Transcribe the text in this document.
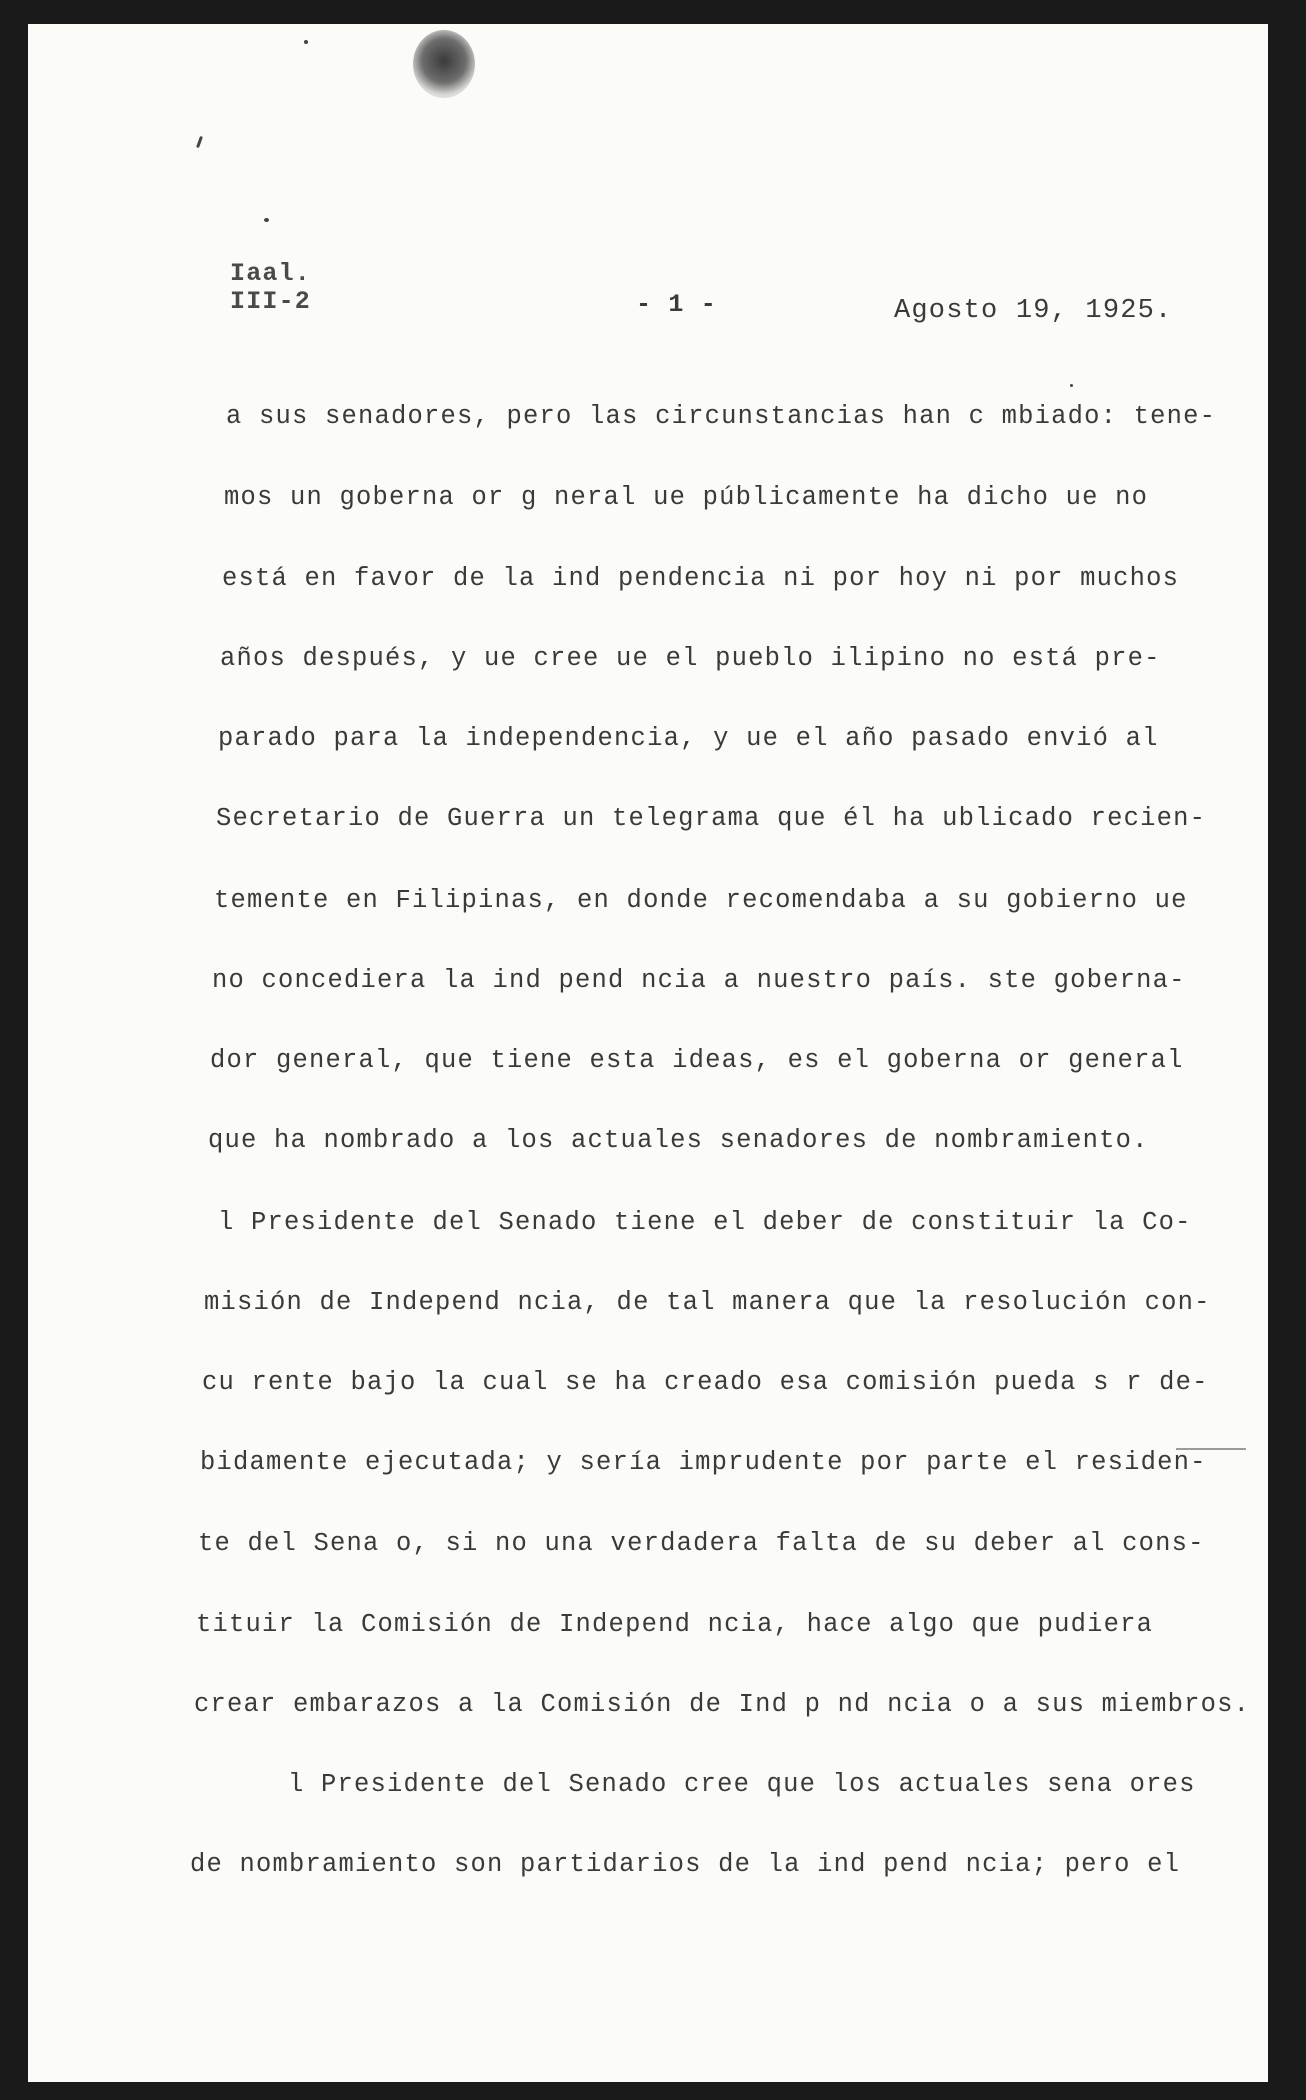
Iaal.
III-2	- 1 -	Agosto 19, 1925.
a sus senadores, pero las circunstancias han c mbiado: tene-
mos un goberna or g neral ue públicamente ha dicho ue no
está en favor de la ind pendencia ni por hoy ni por muchos
años después, y ue cree ue el pueblo ilipino no está pre-
parado para la independencia, y ue el año pasado envió al
Secretario de Guerra un telegrama que él ha ublicado recien-
temente en Filipinas, en donde recomendaba a su gobierno ue
no concediera la ind pend ncia a nuestro país. ste goberna-
dor general, que tiene esta ideas, es el goberna or general
que ha nombrado a los actuales senadores de nombramiento.
l Presidente del Senado tiene el deber de constituir la Co-
misión de Independ ncia, de tal manera que la resolución con-
cu rente bajo la cual se ha creado esa comisión pueda s r de-
bidamente ejecutada; y sería imprudente por parte el residen-
te del Sena o, si no una verdadera falta de su deber al cons-
tituir la Comisión de Independ ncia, hace algo que pudiera
crear embarazos a la Comisión de Ind p nd ncia o a sus miembros.
l Presidente del Senado cree que los actuales sena ores
de nombramiento son partidarios de la ind pend ncia; pero el
